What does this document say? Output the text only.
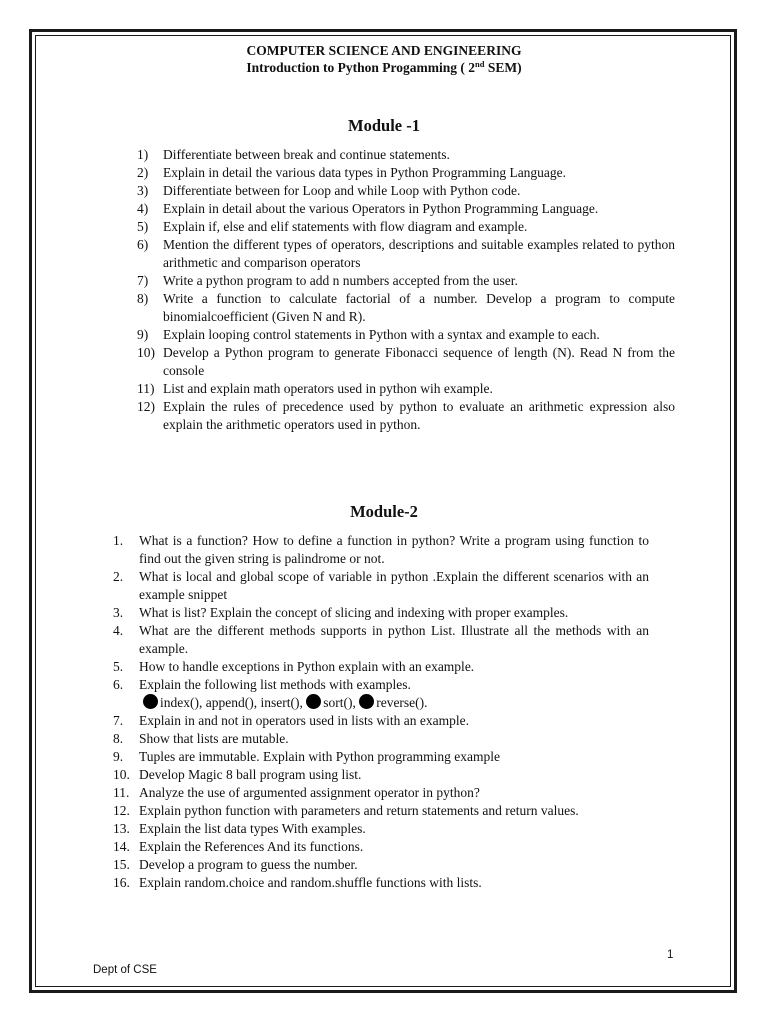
COMPUTER SCIENCE AND ENGINEERING
Introduction to Python Progamming ( 2nd SEM)
Module -1
1) Differentiate between break and continue statements.
2) Explain in detail the various data types in Python Programming Language.
3) Differentiate between for Loop and while Loop with Python code.
4) Explain in detail about the various Operators in Python Programming Language.
5) Explain if, else and elif statements with flow diagram and example.
6) Mention the different types of operators, descriptions and suitable examples related to python arithmetic and comparison operators
7) Write a python program to add n numbers accepted from the user.
8) Write a function to calculate factorial of a number. Develop a program to compute binomialcoefficient (Given N and R).
9) Explain looping control statements in Python with a syntax and example to each.
10) Develop a Python program to generate Fibonacci sequence of length (N). Read N from the console
11) List and explain math operators used in python wih example.
12) Explain the rules of precedence used by python to evaluate an arithmetic expression also explain the arithmetic operators used in python.
Module-2
1. What is a function? How to define a function in python? Write a program using function to find out the given string is palindrome or not.
2. What is local and global scope of variable in python .Explain the different scenarios with an example snippet
3. What is list? Explain the concept of slicing and indexing with proper examples.
4. What are the different methods supports in python List. Illustrate all the methods with an example.
5. How to handle exceptions in Python explain with an example.
6. Explain the following list methods with examples.
index(), append(), insert(), sort(), reverse().
7. Explain in and not in operators used in lists with an example.
8. Show that lists are mutable.
9. Tuples are immutable. Explain with Python programming example
10. Develop Magic 8 ball program using list.
11. Analyze the use of argumented assignment operator in python?
12. Explain python function with parameters and return statements and return values.
13. Explain the list data types With examples.
14. Explain the References And its functions.
15. Develop a program to guess the number.
16. Explain random.choice and random.shuffle functions with lists.
1
Dept of CSE
